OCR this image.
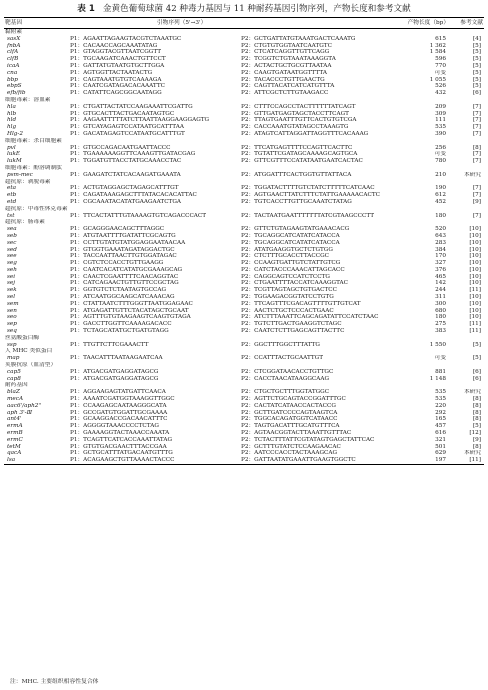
表 1 金黄色葡萄球菌 42 种毒力基因与 11 种耐药基因引物序列，产物长度和参考文献
靶基因	引物序列（5'→3'）		产物长度（bp）	参考文献
黏附素				
sasX	P1：AGAATTAGAAGTACGTCTAAATGC	P2：GCTGATTATGTAAATGACTCAAATG	615	[4]
fnbA	P1：CACAACCAGCAAATATAG	P2：CTGTGTGGTAATCAATGTC	1 362	[5]
clfA	P1：GTAGGTACGTTAATCGGTT	P2：CTCATCAGGTTGTTCAGG	1 584	[5]
clfB	P1：TGCAAGATCAAACTGTTCCT	P2：TCGGTCTGTAAATAAAGGTA	596	[5]
icaA	P1：GATTATGTAATGTGCTTGGA	P2：ACTACTGCTGCGTTAATAA	770	[5]
cna	P1：AGTGGTTACTAATACTG	P2：CAAGTGATAATGGTTTTA	可变	[5]
bbp	P1：CAGTAAATGTGTCAAAAGA	P2：TACACCCTGTTGAACTG	1 055	[5]
ebpS	P1：CAATCGATAGACACAAATTC	P2：CAGTTACATCATCATGTTTA	526	[5]
efb/fib	P1：CATATTCAGCGGCAATAGG	P2：ATTCGCTCTTGTAAGACC	432	[6]
细胞毒素：溶血素				
hla	P1：CTGATTACTATCCAAGAAATTCGATTG	P2：CTTTCCAGCCTACTTTTTTATCAGT	209	[7]
hlb	P1：GTGCACTTACTGACAATAGTGC	P2：GTTGATGAGTAGCTACCTTCAGT	309	[7]
hld	P1：AAGAATTTTTATCTTAATTAAGGAAGGAGTG	P2：TTAGTGAATTTGTTCACTGTGTCGA	111	[7]
hlg	P1：GTCAYAGAGTCCATAATGCATTTAA	P2：CACCAAATGTATAGCCTAAAGTG	535	[7]
Hlg-2	P1：GACATAGAGTCCATAATGCATTTGT	P2：ATAGTCATTAGGATTAGGTTTCACAAAG	390	[7]
细胞毒素：杀白细胞素				
pvl	P1：GTGCCAGACAATGAATTACCC	P2：TTCATGAGTTTTCCAGTTCACTTC	256	[8]
lukE	P1：TGAAAAAAGGTTCAAAGTTGATACGAG	P2：TGTATTCGATAGCAAAAGCAGTGCA	可变	[7]
lukM	P1：TGGATGTTACCTATGCAAACCTAC	P2：GTTCGTTTCCATATAATGAATCACTAC	780	[7]
细胞毒素：酚溶调制肽				
psm-mec	P1：GAAGATCTATCACAAGATGAAATA	P2：ATGGATTTCACTGGTGTTATTACA	210	本研究
超抗原：剥脱毒素				
eta	P1：ACTGTAGGAGCTAGAGCATTTGT	P2：TGGATACTTTTGTCTATCTTTTTCATCAAC	190	[7]
etb	P1：CAGATAAAGAGCTTTATACACACATTAC	P2：AGTGAACTTATCTTTCTATTGAAAAACACTC	612	[7]
etd	P1：CGCAAATACATATGAAGAATCTGA	P2：TGTCACCTTGTTGCAAATCTATAG	452	[9]
超抗原：中毒性休克毒素				
tst	P1：TTCACTATTTGTAAAAGTGTCAGACCCACT	P2：TACTAATGAATTTTTTTATCGTAAGCCCTT	180	[7]
超抗原：肠毒素				
sea	P1：GCAGGGAACAGCTTTAGGC	P2：GTTCTGTAGAAGTATGAAACACG	520	[10]
seb	P1：ATGTAATTTTGATATTCGCAGTG	P2：TGCAGGCATCATATCATACCA	643	[10]
sec	P1：CCTTGTATGTATGGAGGAATAACAA	P2：TGCAGGCATCATATCATACCA	283	[10]
sed	P1：GTGGTGAAATAGATAGGACTGC	P2：ATATGAAGGTGCTCTGTGG	384	[10]
see	P1：TACCAATTAACTTGTGGATAGAC	P2：CTCTTTGCACCTTACCGC	170	[10]
seg	P1：CGTCTCCACCTGTTGAAGG	P2：CCAAGTGATTGTCTATTGTCG	327	[10]
seh	P1：CAATCACATCATATGCGAAAGCAG	P2：CATCTACCCAAACATTAGCACC	376	[10]
sei	P1：CAACTCGAATTTTCAACAGGTAC	P2：CAGGCAGTCCATCTCCTG	465	[10]
sej	P1：CATCAGAACTGTTGTTCCGCTAG	P2：CTGAATTTTACCATCAAAGGTAC	142	[10]
sek	P1：GGTGTCTCTAATAGTGCCAG	P2：TCGTTAGTAGCTGTGACTCC	244	[11]
sel	P1：ATCAATGGCAAGCATCAAACAG	P2：TGGAAGACGGTATCCTGTG	311	[10]
sem	P1：CTATTAATCTTTGGGTTAATGGAGAAC	P2：TTCAGTTTCGACAGTTTTGTTGTCAT	300	[10]
sen	P1：ATGAGATTGTTCTACATAGCTGCAAT	P2：AACTCTGCTCCCACTGAAC	680	[10]
seo	P1：AGTTTGTGTAAGAAGTCAAGTGTAGA	P2：ATCTTTAAATTCAGCAGATATTCCATCTAAC	180	[10]
sep	P1：GACCTTGGTTCAAAAGACACC	P2：TGTCTTGACTGAAGGTCTAGC	275	[11]
seq	P1：TCTAGCATATGCTGATGTAGG	P2：CAATCTCTTGAGCAGTTACTTC	383	[11]
丝氨酸蛋白酶				
ssp	P1：TTGTTCTTCGAAACTT	P2：GGCTTTGGCTTTATTG	1 550	[5]
人 MHC 类似蛋白				
map	P1：TAACATTTAATAAGAATCAA	P2：CCATTTACTGCAATTGT	可变	[5]
荚膜抗原（血清型）				
cap5	P1：ATGACGATGAGGATAGCG	P2：CTCGGATAACACCTGTTGC	881	[6]
cap8	P1：ATGACGATGAGGATAGCG	P2：CACCTAACATAAGGCAAG	1 148	[6]
耐药基因				
blaZ	P1：AGGAAGAGTATGATTCAACA	P2：CTGCTGCTTTGGTATGGC	535	本研究
mecA	P1：AAAATCGATGGTAAAGGTTGGC	P2：AGTTCTGCAGTACCGGATTTGC	535	[8]
aac6'/aph2''	P1：CCAAGAGCAATAAGGGCATA	P2：CACTATCATAACCACTACCG	220	[8]
aph 3'-Ⅲ	P1：GCCGATGTGGATTGCGAAAA	P2：GCTTGATCCCCAGTAAGTCA	292	[8]
ant4'	P1：GCAAGGACCGACAACATTTC	P2：TGGCACAGATGGTCATAACC	165	[8]
ermA	P1：AGGGGTAAACCCCTCTAG	P2：TAGTGACATTTGCATGTTTCA	457	[5]
ermB	P1：GAAAAGGTACTAAACCAAATA	P2：AGTAACGGTACTTAAATTGTTTAC	616	[12]
ermC	P1：TCAGTTCATCACCAAATTATAG	P2：TCTACTTTATTCGTATAGTGAGCTATTCAC	321	[9]
tetM	P1：GTGTGACGAACTTTACCGAA	P2：GCTTTGTATCTCCAAGAACAC	501	[8]
qacA	P1：GCTGCATTTATGACAATGTTTG	P2：AATCCCACCTACTAAAGCAG	629	本研究
lsa	P1：ACAGAAGCTGTTAAAACTACCC	P2：GATTAATATGAAATTGAAGTGGCTC	197	[11]
注：MHC. 主要组织相容性复合体
